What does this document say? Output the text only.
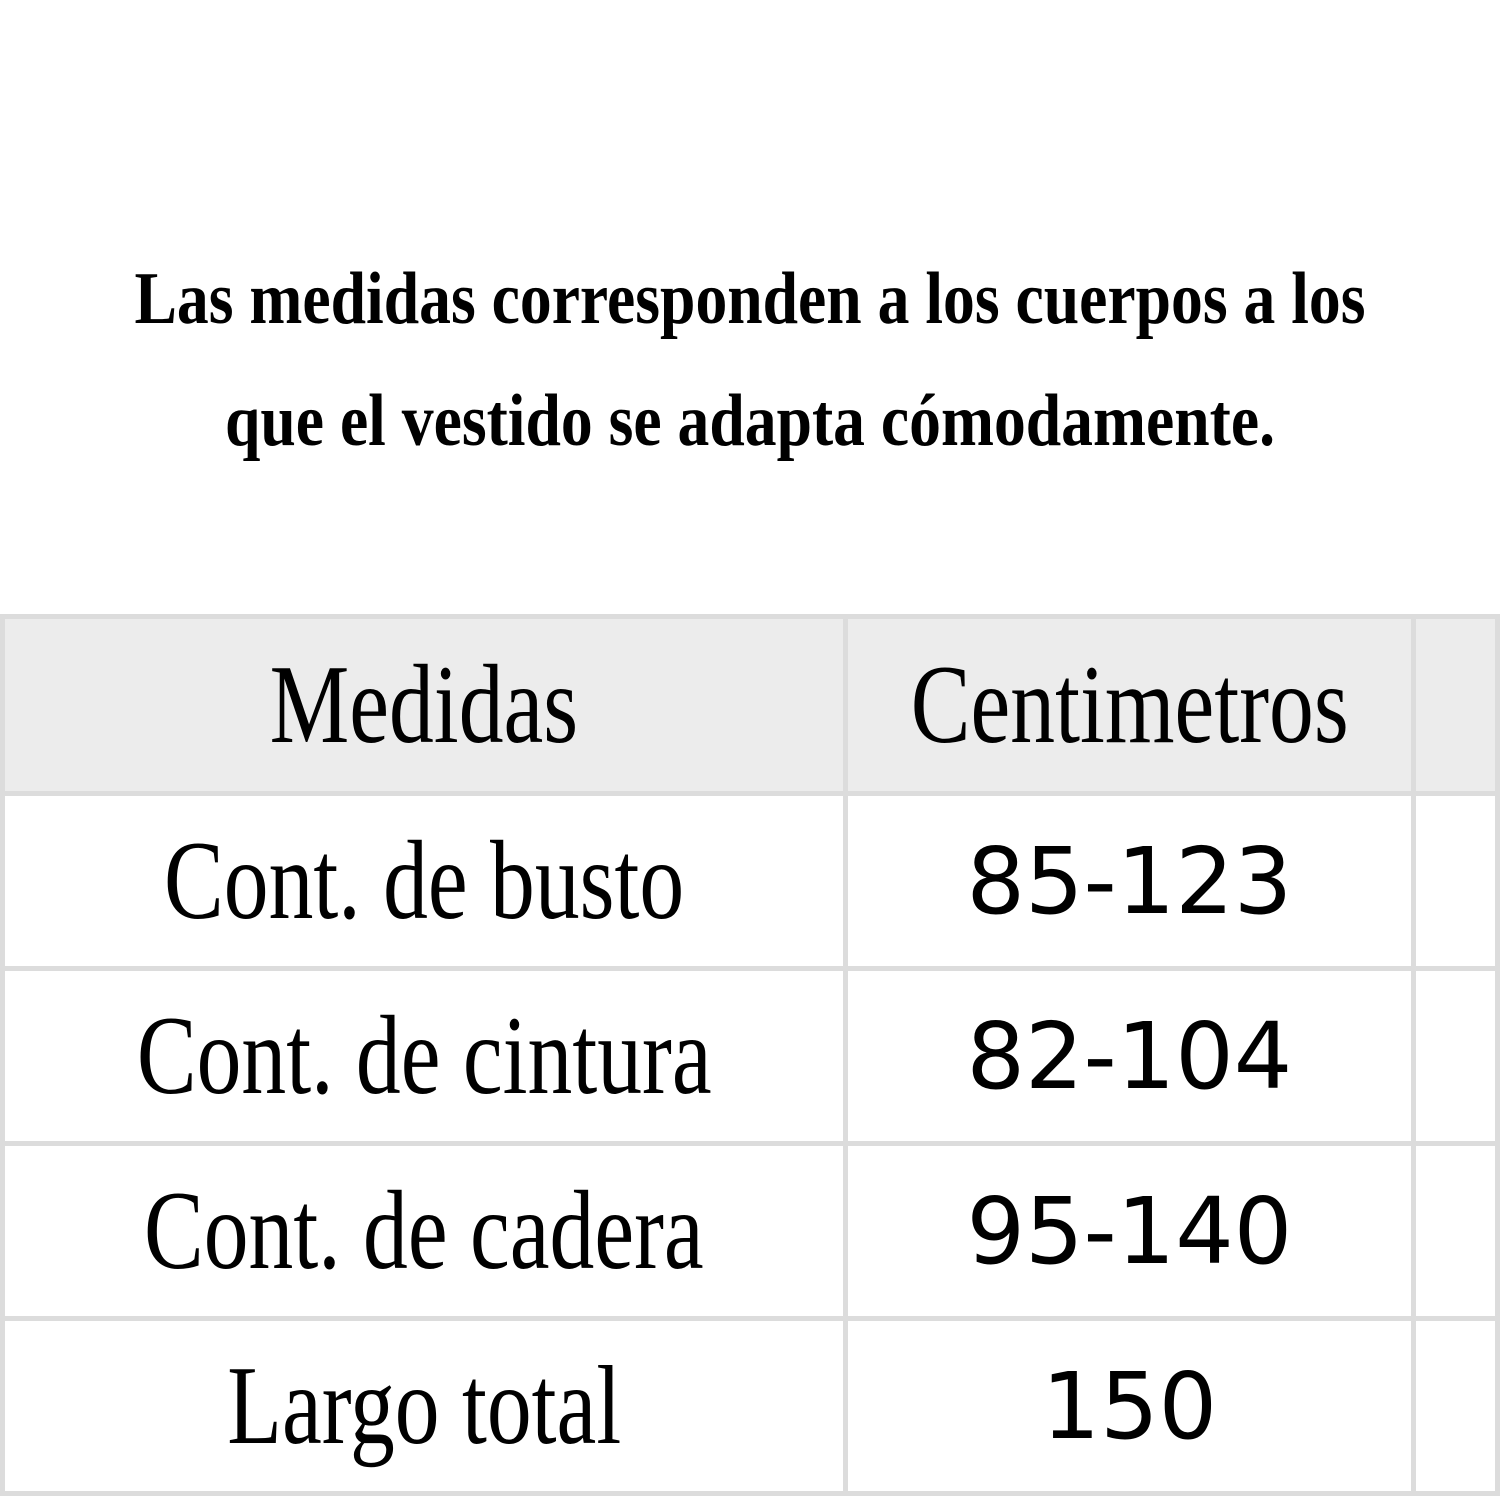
Las medidas corresponden a los cuerpos a los
que el vestido se adapta cómodamente.
Medidas	Centimetros	
Cont. de busto	85-123	
Cont. de cintura	82-104	
Cont. de cadera	95-140	
Largo total	150	
